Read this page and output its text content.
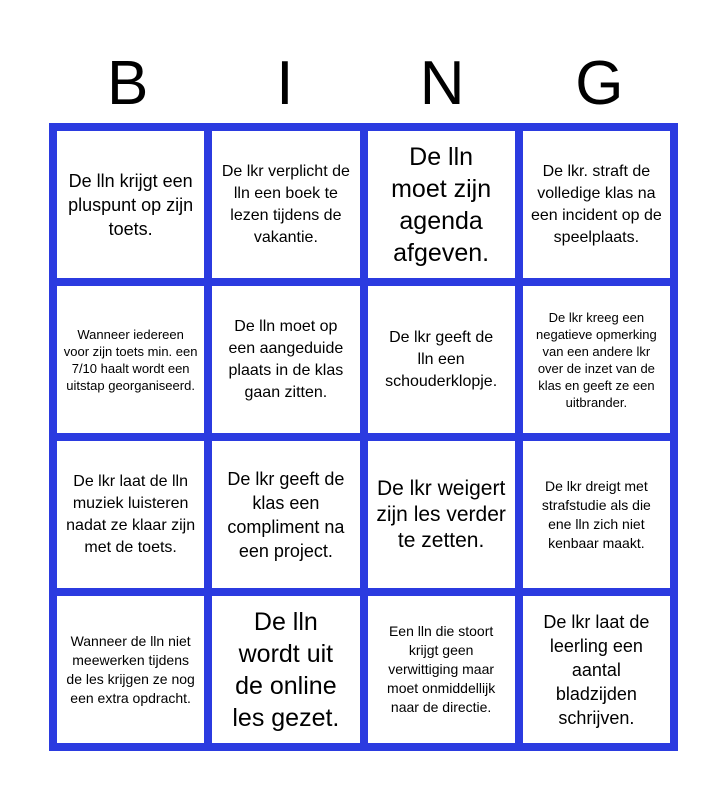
B	I	N	G
De lln krijgt een pluspunt op zijn toets.
De lkr verplicht de lln een boek te lezen tijdens de vakantie.
De lln moet zijn agenda afgeven.
De lkr. straft de volledige klas na een incident op de speelplaats.
Wanneer iedereen voor zijn toets min. een 7/10 haalt wordt een uitstap georganiseerd.
De lln moet op een aangeduide plaats in de klas gaan zitten.
De lkr geeft de lln een schouderklopje.
De lkr kreeg een negatieve opmerking van een andere lkr over de inzet van de klas en geeft ze een uitbrander.
De lkr laat de lln muziek luisteren nadat ze klaar zijn met de toets.
De lkr geeft de klas een compliment na een project.
De lkr weigert zijn les verder te zetten.
De lkr dreigt met strafstudie als die ene lln zich niet kenbaar maakt.
Wanneer de lln niet meewerken tijdens de les krijgen ze nog een extra opdracht.
De lln wordt uit de online les gezet.
Een lln die stoort krijgt geen verwittiging maar moet onmiddellijk naar de directie.
De lkr laat de leerling een aantal bladzijden schrijven.
